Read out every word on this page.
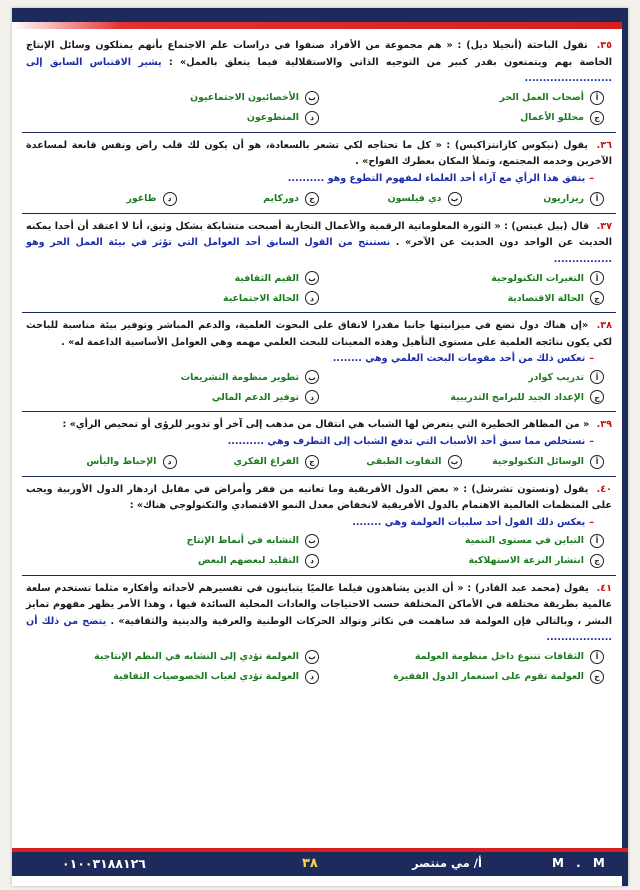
٣٥. تقول الباحثة (أنجيلا ديل) : « هم مجموعة من الأفراد صنفوا في دراسات علم الاجتماع بأنهم يمتلكون وسائل الإنتاج الخاصة بهم ويتمتعون بقدر كبير من التوجيه الذاتي والاستقلالية فيما يتعلق بالعمل» : يشير الاقتباس السابق إلى ........................

أ
أصحاب العمل الحر
ب
الأخصائيون الاجتماعيون
ج
محللو الأعمال
د
المتطوعون

٣٦. يقول (نيكوس كازانتزاكيس) : « كل ما تحتاجه لكي تشعر بالسعادة، هو أن يكون لك قلب راض ونفس قانعة لمساعدة الآخرين وخدمه المجتمع، وتملأ المكان بعطرك الفواح» .

–يتفق هذا الرأي مع آراء أحد العلماء لمفهوم التطوع وهو ..........
أ
ريزاريون
ب
دي فيلسون
ج
دوركايم
د
طاغور

٣٧. قال (بيل غيتس) : « الثورة المعلوماتية الرقمية والأعمال التجارية أصبحت متشابكة بشكل وثيق، أنا لا اعتقد أن أحدا يمكنه الحديث عن الواحد دون الحديث عن الآخر» . نستنتج من القول السابق أحد العوامل التي تؤثر في بيئة العمل الحر وهو ................

أ
التغيرات التكنولوجية
ب
القيم الثقافية
ج
الحالة الاقتصادية
د
الحالة الاجتماعية

٣٨. «إن هناك دول تضع في ميزانيتها جانبا مقدرا لانفاق على البحوث العلمية، والدعم المباشر وتوفير بيئة مناسبة للباحث لكي يكون نتائجه العلمية على مستوى التأهيل وهذه المعينات للبحث العلمي مهمه وهي العوامل الأساسية الداعمة له» .

–تعكس ذلك من أحد مقومات البحث العلمي وهي ........
أ
تدريب كوادر
ب
تطوير منظومة التشريعات
ج
الإعداد الجيد للبرامج التدريبية
د
توفير الدعم المالي

٣٩. « من المظاهر الخطيرة التي يتعرض لها الشباب هي انتقال من مذهب إلى آخر أو تدوير للرؤى أو تمحيص الرأي» :

–نستخلص مما سبق أحد الأسباب التي تدفع الشباب إلى التطرف وهي ..........
أ
الوسائل التكنولوجية
ب
التفاوت الطبقي
ج
الفراغ الفكري
د
الإحباط واليأس

٤٠. يقول (ونستون تشرشل) : « بعض الدول الأفريقية وما تعانيه من فقر وأمراض في مقابل ازدهار الدول الأوربية ويجب على المنظمات العالمية الاهتمام بالدول الأفريقية لانخفاض معدل النمو الاقتصادي والتكنولوجي هناك» :

–يعكس ذلك القول أحد سلبيات العولمة وهي ........
أ
التباين في مستوى التنمية
ب
التشابه في أنماط الإنتاج
ج
انتشار النزعة الاستهلاكية
د
التقليد لبعضهم البعض

٤١. يقول (محمد عبد القادر) : « أن الذين يشاهدون فيلما عالميًا يتباينون في تفسيرهم لأحداثه وأفكاره مثلما تستخدم سلعة عالمية بطريقة مختلفة في الأماكن المختلفة حسب الاحتياجات والعادات المحلية السائدة فيها ، وهذا الأمر يظهر مفهوم تمايز البشر ، وبالتالي فإن العولمة قد ساهمت في تكاثر وتوالد الحركات الوطنية والعرقية والدينية والثقافية» . يتضح من ذلك أن ..................

أ
الثقافات تتنوع داخل منظومة العولمة
ب
العولمة تؤدي إلى التشابه في النظم الإنتاجية
ج
العولمة تقوم على استعمار الدول الفقيرة
د
العولمة تؤدي لغياب الخصوصيات الثقافية
٠١٠٠٣١٨٨١٢٦	٣٨	أ/ مي منتصر	M . M
